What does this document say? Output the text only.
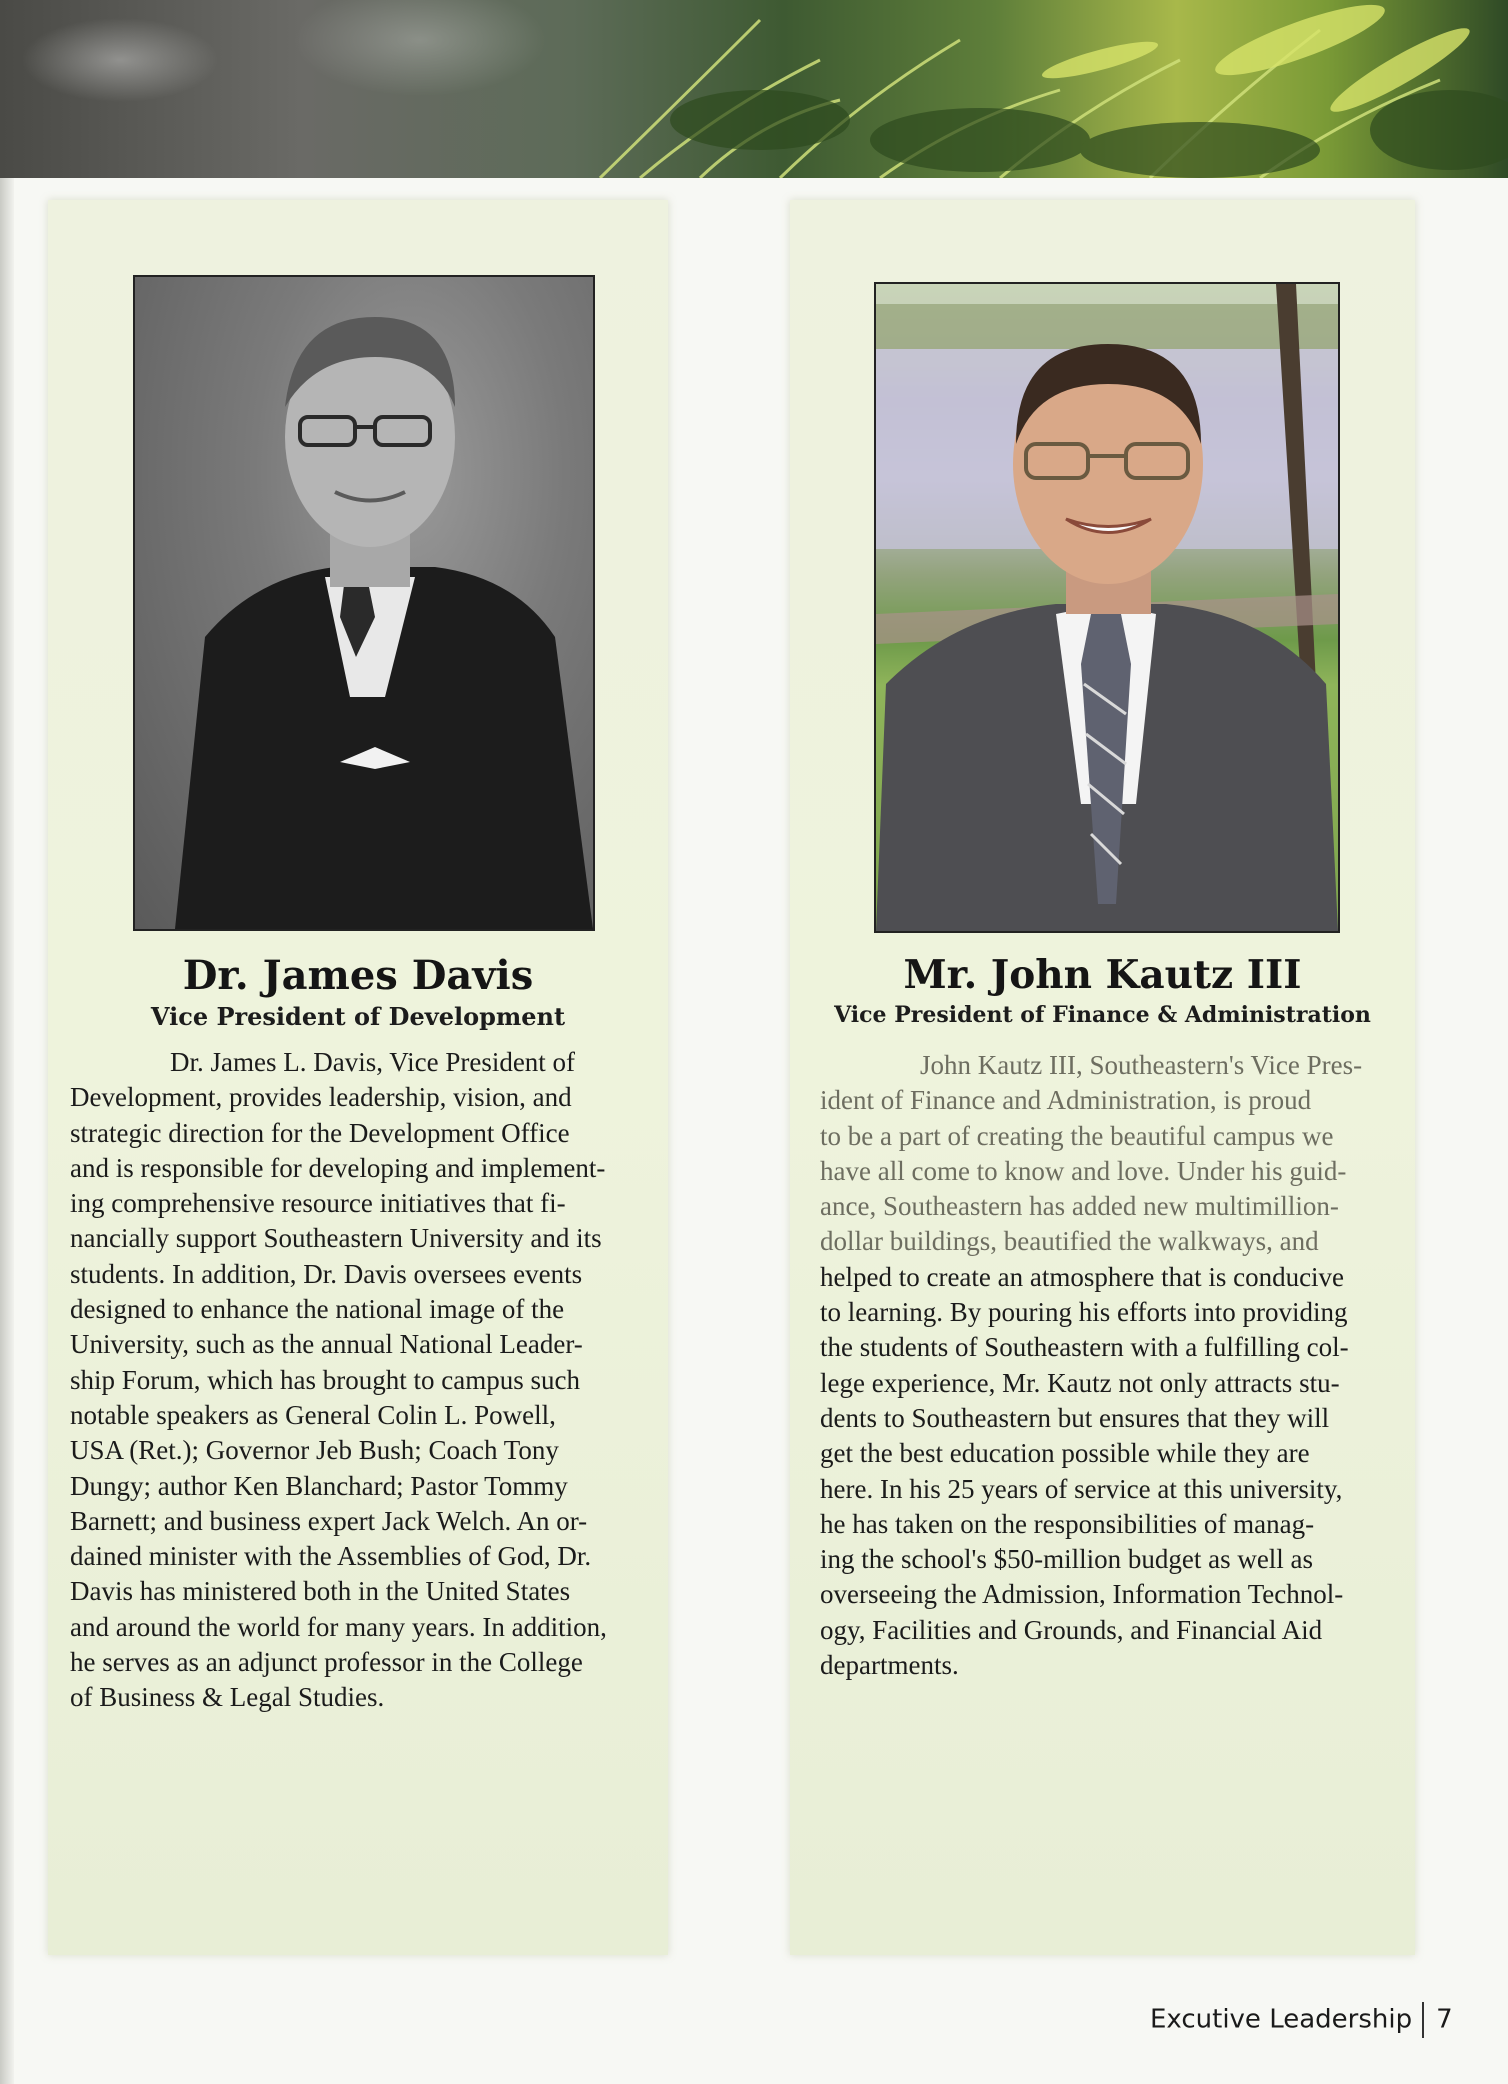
Dr. James Davis
Vice President of Development
Dr. James L. Davis, Vice President of
Development, provides leadership, vision, and
strategic direction for the Development Office
and is responsible for developing and implement-
ing comprehensive resource initiatives that fi-
nancially support Southeastern University and its
students. In addition, Dr. Davis oversees events
designed to enhance the national image of the
University, such as the annual National Leader-
ship Forum, which has brought to campus such
notable speakers as General Colin L. Powell,
USA (Ret.); Governor Jeb Bush; Coach Tony
Dungy; author Ken Blanchard; Pastor Tommy
Barnett; and business expert Jack Welch. An or-
dained minister with the Assemblies of God, Dr.
Davis has ministered both in the United States
and around the world for many years. In addition,
he serves as an adjunct professor in the College
of Business & Legal Studies.
Mr. John Kautz III
Vice President of Finance & Administration
John Kautz III, Southeastern's Vice Pres-
ident of Finance and Administration, is proud
to be a part of creating the beautiful campus we
have all come to know and love. Under his guid-
ance, Southeastern has added new multimillion-
dollar buildings, beautified the walkways, and
helped to create an atmosphere that is conducive
to learning. By pouring his efforts into providing
the students of Southeastern with a fulfilling col-
lege experience, Mr. Kautz not only attracts stu-
dents to Southeastern but ensures that they will
get the best education possible while they are
here. In his 25 years of service at this university,
he has taken on the responsibilities of manag-
ing the school's $50-million budget as well as
overseeing the Admission, Information Technol-
ogy, Facilities and Grounds, and Financial Aid
departments.
Excutive Leadership 7
